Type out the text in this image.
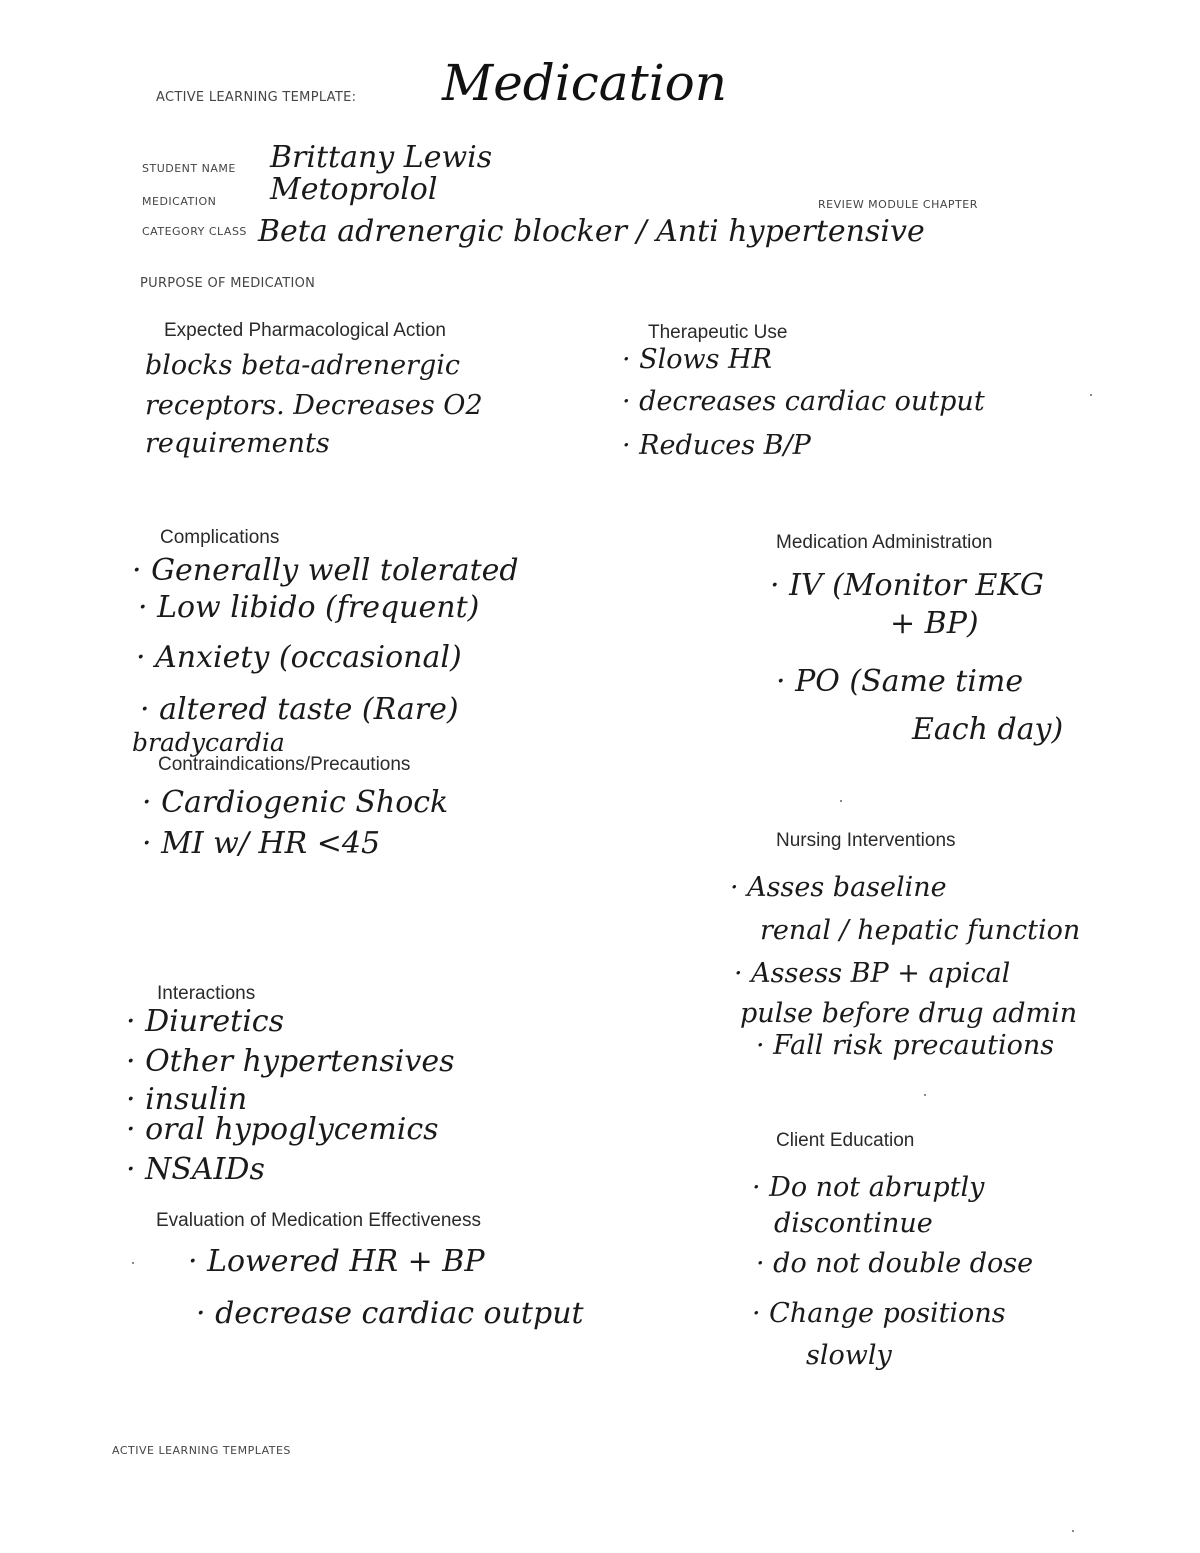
ACTIVE LEARNING TEMPLATE: Medication
STUDENT NAME Brittany Lewis
MEDICATION Metoprolol	REVIEW MODULE CHAPTER
CATEGORY CLASS Beta adrenergic blocker / Anti hypertensive
PURPOSE OF MEDICATION
Expected Pharmacological Action
blocks beta-adrenergic
receptors. Decreases O2
requirements
Therapeutic Use
· Slows HR
· decreases cardiac output
· Reduces B/P
Complications
· Generally well tolerated
· Low libido (frequent)
· Anxiety (occasional)
· altered taste (Rare)
bradycardia
Contraindications/Precautions
· Cardiogenic Shock
· MI w/ HR <45
Medication Administration
· IV (Monitor EKG
+ BP)
· PO (Same time
Each day)
Nursing Interventions
· Asses baseline
renal / hepatic function
· Assess BP + apical
pulse before drug admin
· Fall risk precautions
Interactions
· Diuretics
· Other hypertensives
· insulin
· oral hypoglycemics
· NSAIDs
Client Education
· Do not abruptly
discontinue
· do not double dose
· Change positions
slowly
Evaluation of Medication Effectiveness
· Lowered HR + BP
· decrease cardiac output
ACTIVE LEARNING TEMPLATES
